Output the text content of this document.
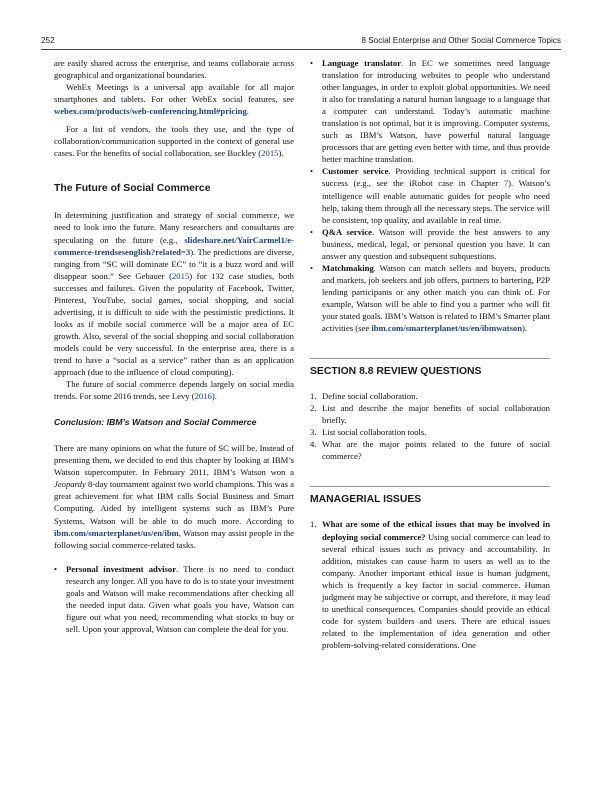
252	8 Social Enterprise and Other Social Commerce Topics

are easily shared across the enterprise, and teams collaborate across geographical and organizational boundaries.

WebEx Meetings is a universal app available for all major smartphones and tablets. For other WebEx social features, see webex.com/products/web-conferencing.html#pricing.

For a list of vendors, the tools they use, and the type of collaboration/communication supported in the context of general use cases. For the benefits of social collaboration, see Buckley (2015).

The Future of Social Commerce

In determining justification and strategy of social commerce, we need to look into the future. Many researchers and consultants are speculating on the future (e.g., slideshare.net/YairCarmel1/e-commerce-trendsesenglish?related=3). The predictions are diverse, ranging from “SC will dominate EC” to “it is a buzz word and will disappear soon.” See Gebauer (2015) for 132 case studies, both successes and failures. Given the popularity of Facebook, Twitter, Pinterest, YouTube, social games, social shopping, and social advertising, it is difficult to side with the pessimistic predictions. It looks as if mobile social commerce will be a major area of EC growth. Also, several of the social shopping and social collaboration models could be very successful. In the enterprise area, there is a trend to have a “social as a service” rather than as an application approach (due to the influence of cloud computing).

The future of social commerce depends largely on social media trends. For some 2016 trends, see Levy (2016).

Conclusion: IBM’s Watson and Social Commerce

There are many opinions on what the future of SC will be. Instead of presenting them, we decided to end this chapter by looking at IBM’s Watson supercomputer. In February 2011, IBM’s Watson won a Jeopardy 8-day tournament against two world champions. This was a great achievement for what IBM calls Social Business and Smart Computing. Aided by intelligent systems such as IBM’s Pure Systems, Watson will be able to do much more. According to ibm.com/smarterplanet/us/en/ibm, Watson may assist people in the following social commerce-related tasks.

• Personal investment advisor. There is no need to conduct research any longer. All you have to do is to state your investment goals and Watson will make recommendations after checking all the needed input data. Given what goals you have, Watson can figure out what you need, recommending what stocks to buy or sell. Upon your approval, Watson can complete the deal for you.
• Language translator. In EC we sometimes need language translation for introducing websites to people who understand other languages, in order to exploit global opportunities. We need it also for translating a natural human language to a language that a computer can understand. Today’s automatic machine translation is not optimal, but it is improving. Computer systems, such as IBM’s Watson, have powerful natural language processors that are getting even better with time, and thus provide better machine translation.
• Customer service. Providing technical support is critical for success (e.g., see the iRobot case in Chapter 7). Watson’s intelligence will enable automatic guides for people who need help, taking them through all the necessary steps. The service will be consistent, top quality, and available in real time.
• Q&A service. Watson will provide the best answers to any business, medical, legal, or personal question you have. It can answer any question and subsequent subquestions.
• Matchmaking. Watson can match sellers and buyers, products and markets, job seekers and job offers, partners to bartering, P2P lending participants or any other match you can think of. For example, Watson will be able to find you a partner who will fit your stated goals. IBM’s Watson is related to IBM’s Smarter plant activities (see ibm.com/smarterplanet/us/en/ibmwatson).
SECTION 8.8 REVIEW QUESTIONS
1. Define social collaboration.
2. List and describe the major benefits of social collaboration briefly.
3. List social collaboration tools.
4. What are the major points related to the future of social commerce?
MANAGERIAL ISSUES
1. What are some of the ethical issues that may be involved in deploying social commerce? Using social commerce can lead to several ethical issues such as privacy and accountability. In addition, mistakes can cause harm to users as well as to the company. Another important ethical issue is human judgment, which is frequently a key factor in social commerce. Human judgment may be subjective or corrupt, and therefore, it may lead to unethical consequences. Companies should provide an ethical code for system builders and users. There are ethical issues related to the implementation of idea generation and other problem-solving-related considerations. One
